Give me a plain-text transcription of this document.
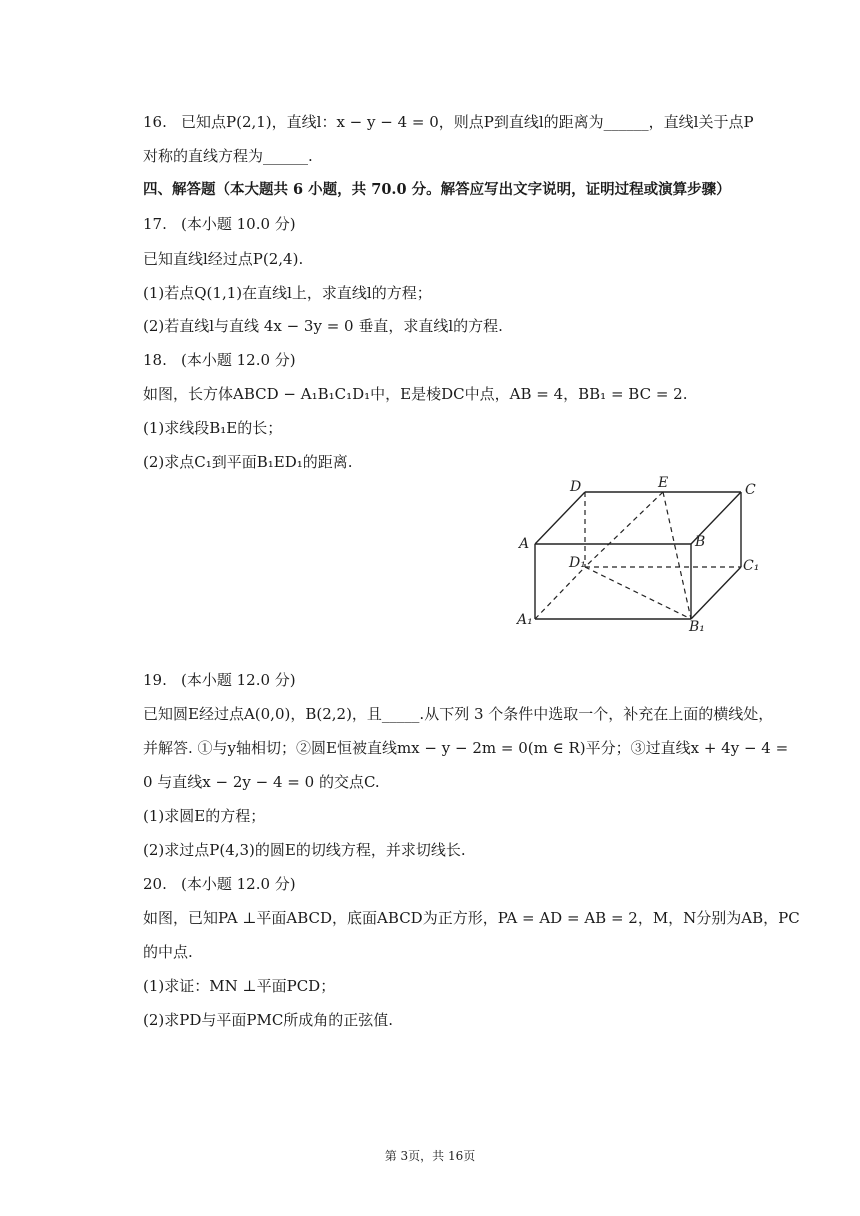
16. 已知点P(2,1)，直线l：x − y − 4 = 0，则点P到直线l的距离为______，直线l关于点P
对称的直线方程为______.
四、解答题（本大题共 6 小题，共 70.0 分。解答应写出文字说明，证明过程或演算步骤）
17. (本小题 10.0 分)
已知直线l经过点P(2,4).
(1)若点Q(1,1)在直线l上，求直线l的方程；
(2)若直线l与直线 4x − 3y = 0 垂直，求直线l的方程.
18. (本小题 12.0 分)
如图，长方体ABCD − A₁B₁C₁D₁中，E是棱DC中点，AB = 4，BB₁ = BC = 2.
(1)求线段B₁E的长；
(2)求点C₁到平面B₁ED₁的距离.
D	E	C
A	B
D₁	C₁
A₁	B₁
19. (本小题 12.0 分)
已知圆E经过点A(0,0)，B(2,2)，且_____.从下列 3 个条件中选取一个，补充在上面的横线处，
并解答. ①与y轴相切；②圆E恒被直线mx − y − 2m = 0(m ∈ R)平分；③过直线x + 4y − 4 =
0 与直线x − 2y − 4 = 0 的交点C.
(1)求圆E的方程；
(2)求过点P(4,3)的圆E的切线方程，并求切线长.
20. (本小题 12.0 分)
如图，已知PA ⊥平面ABCD，底面ABCD为正方形，PA = AD = AB = 2，M，N分别为AB，PC
的中点.
(1)求证：MN ⊥平面PCD；
(2)求PD与平面PMC所成角的正弦值.
第 3页，共 16页
